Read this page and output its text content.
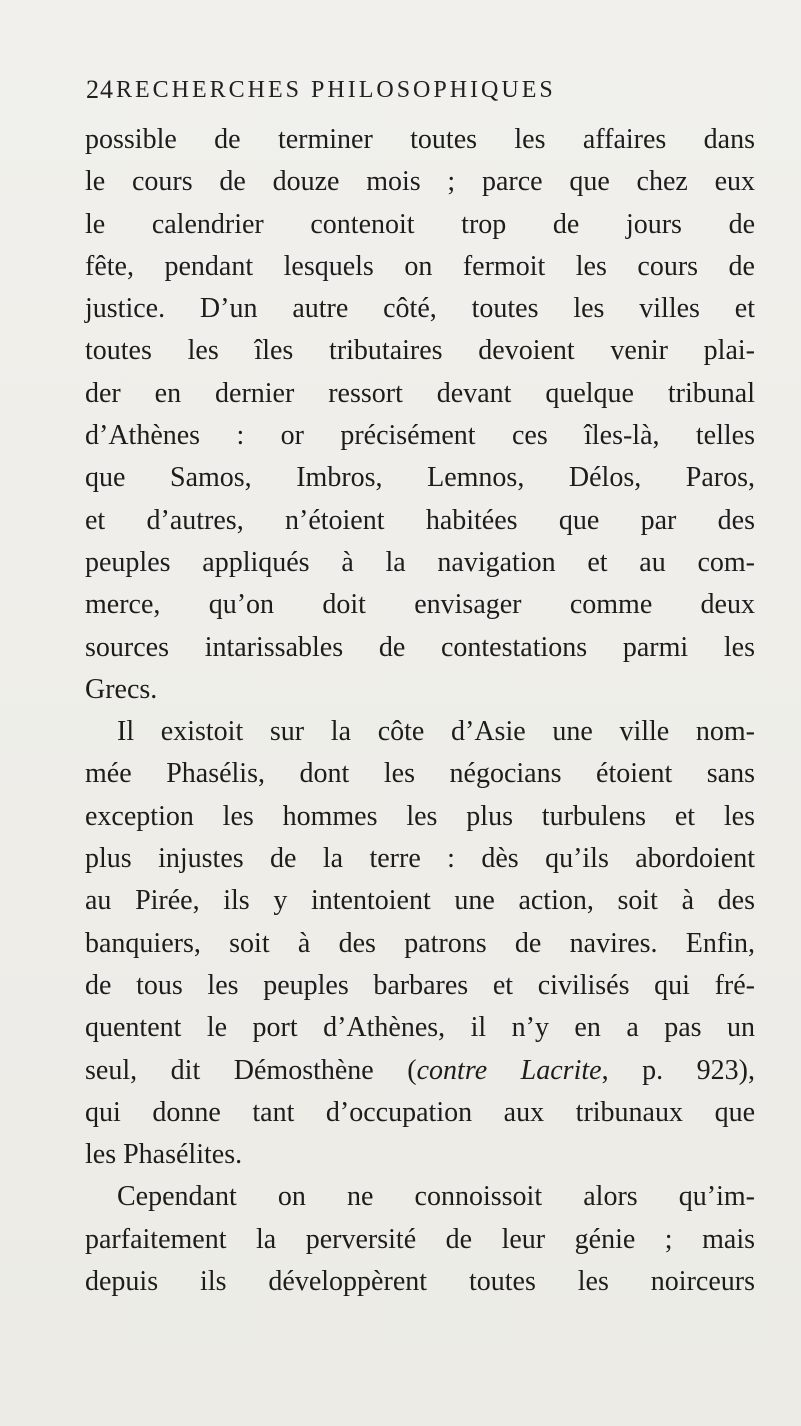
24 RECHERCHES PHILOSOPHIQUES
possible de terminer toutes les affaires dans
le cours de douze mois ; parce que chez eux
le calendrier contenoit trop de jours de
fête, pendant lesquels on fermoit les cours de
justice. D’un autre côté, toutes les villes et
toutes les îles tributaires devoient venir plai-
der en dernier ressort devant quelque tribunal
d’Athènes : or précisément ces îles-là, telles
que Samos, Imbros, Lemnos, Délos, Paros,
et d’autres, n’étoient habitées que par des
peuples appliqués à la navigation et au com-
merce, qu’on doit envisager comme deux
sources intarissables de contestations parmi les
Grecs.
Il existoit sur la côte d’Asie une ville nom-
mée Phasélis, dont les négocians étoient sans
exception les hommes les plus turbulens et les
plus injustes de la terre : dès qu’ils abordoient
au Pirée, ils y intentoient une action, soit à des
banquiers, soit à des patrons de navires. Enfin,
de tous les peuples barbares et civilisés qui fré-
quentent le port d’Athènes, il n’y en a pas un
seul, dit Démosthène (contre Lacrite, p. 923),
qui donne tant d’occupation aux tribunaux que
les Phasélites.
Cependant on ne connoissoit alors qu’im-
parfaitement la perversité de leur génie ; mais
depuis ils développèrent toutes les noirceurs
